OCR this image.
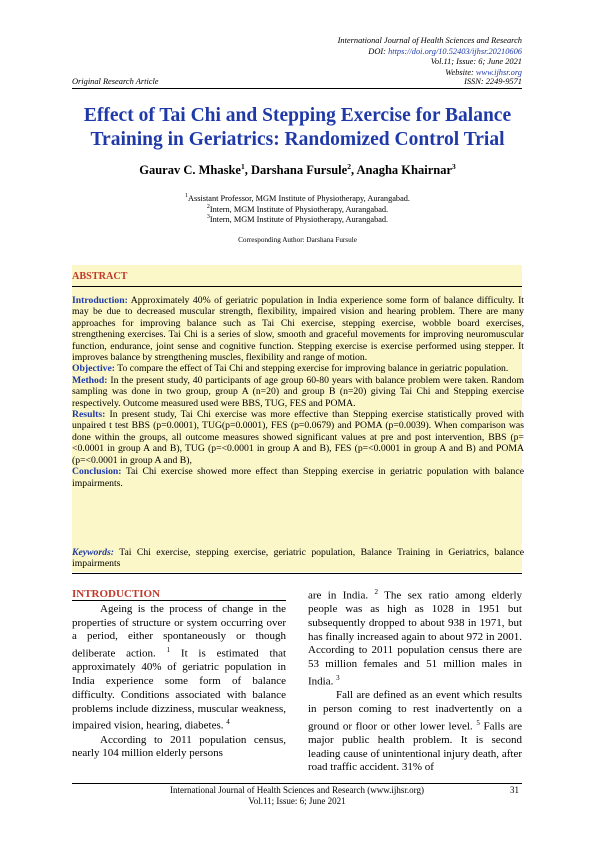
International Journal of Health Sciences and Research
DOI: https://doi.org/10.52403/ijhsr.20210606
Vol.11; Issue: 6; June 2021
Website: www.ijhsr.org
Original Research Article	ISSN: 2249-9571
Effect of Tai Chi and Stepping Exercise for Balance
Training in Geriatrics: Randomized Control Trial
Gaurav C. Mhaske$^1$, Darshana Fursule$^2$, Anagha Khairnar$^3$
$^1$Assistant Professor, MGM Institute of Physiotherapy, Aurangabad.
$^2$Intern, MGM Institute of Physiotherapy, Aurangabad.
$^3$Intern, MGM Institute of Physiotherapy, Aurangabad.
Corresponding Author: Darshana Fursule
ABSTRACT

Introduction: Approximately 40% of geriatric population in India experience some form of balance difficulty. It may be due to decreased muscular strength, flexibility, impaired vision and hearing problem. There are many approaches for improving balance such as Tai Chi exercise, stepping exercise, wobble board exercises, strengthening exercises. Tai Chi is a series of slow, smooth and graceful movements for improving neuromuscular function, endurance, joint sense and cognitive function. Stepping exercise is exercise performed using stepper. It improves balance by strengthening muscles, flexibility and range of motion.

Objective: To compare the effect of Tai Chi and stepping exercise for improving balance in geriatric population.

Method: In the present study, 40 participants of age group 60-80 years with balance problem were taken. Random sampling was done in two group, group A (n=20) and group B (n=20) giving Tai Chi and Stepping exercise respectively. Outcome measured used were BBS, TUG, FES and POMA.

Results: In present study, Tai Chi exercise was more effective than Stepping exercise statistically proved with unpaired t test BBS (p=0.0001), TUG(p=0.0001), FES (p=0.0679) and POMA (p=0.0039). When comparison was done within the groups, all outcome measures showed significant values at pre and post intervention, BBS (p=<0.0001 in group A and B), TUG (p=<0.0001 in group A and B), FES (p=<0.0001 in group A and B) and POMA (p=<0.0001 in group A and B),

Conclusion: Tai Chi exercise showed more effect than Stepping exercise in geriatric population with balance impairments.

Keywords: Tai Chi exercise, stepping exercise, geriatric population, Balance Training in Geriatrics, balance impairments
INTRODUCTION

Ageing is the process of change in the properties of structure or system occurring over a period, either spontaneously or though deliberate action. $^1$ It is estimated that approximately 40% of geriatric population in India experience some form of balance difficulty. Conditions associated with balance problems include dizziness, muscular weakness, impaired vision, hearing, diabetes. $^4$

According to 2011 population census, nearly 104 million elderly persons

are in India. $^2$ The sex ratio among elderly people was as high as 1028 in 1951 but subsequently dropped to about 938 in 1971, but has finally increased again to about 972 in 2001. According to 2011 population census there are 53 million females and 51 million males in India. $^3$

Fall are defined as an event which results in person coming to rest inadvertently on a ground or floor or other lower level. $^5$ Falls are major public health problem. It is second leading cause of unintentional injury death, after road traffic accident. 31% of

International Journal of Health Sciences and Research (www.ijhsr.org)
Vol.11; Issue: 6; June 2021
31
